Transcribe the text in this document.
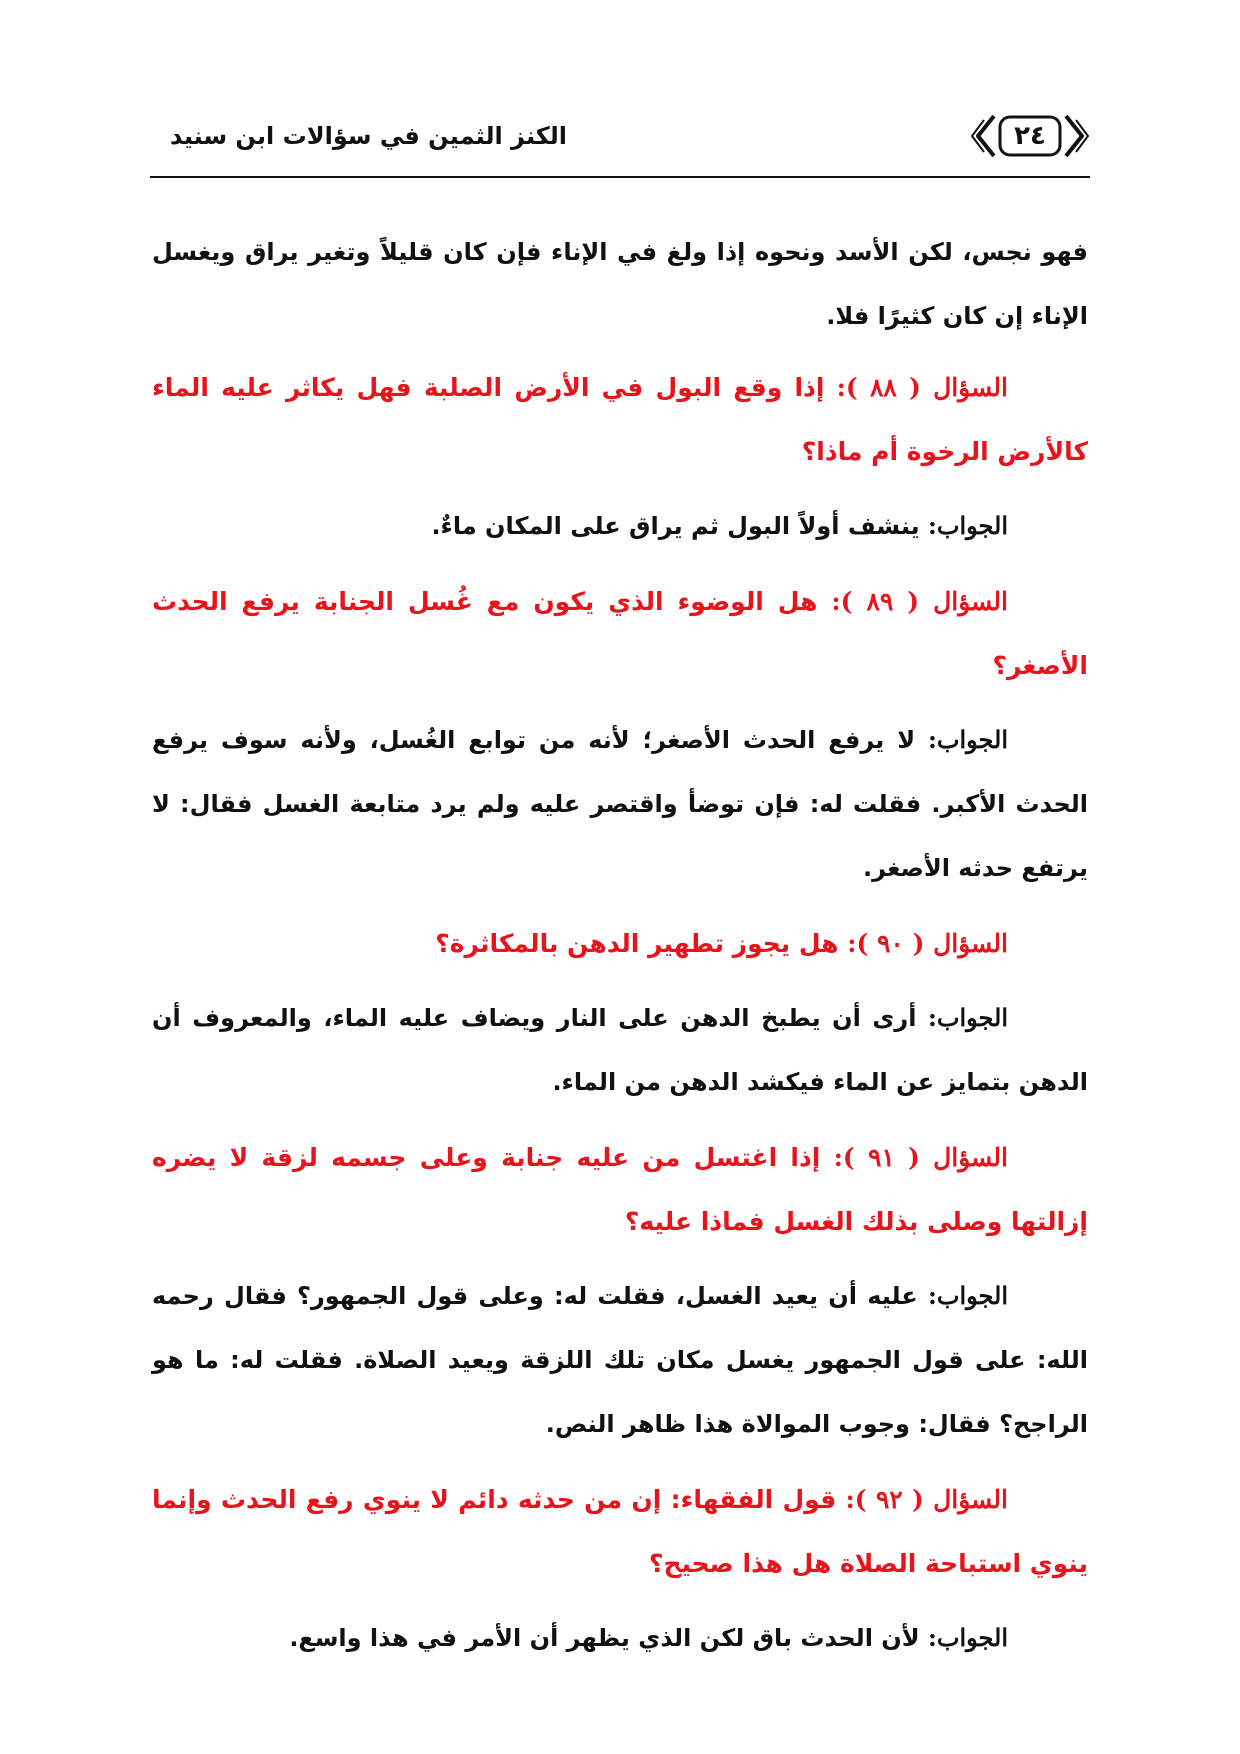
الكنز الثمين في سؤالات ابن سنيد	٢٤

فهو نجس، لكن الأسد ونحوه إذا ولغ في الإناء فإن كان قليلاً وتغير يراق ويغسل الإناء إن كان كثيرًا فلا.

السؤال ( ٨٨ ): إذا وقع البول في الأرض الصلبة فهل يكاثر عليه الماء كالأرض الرخوة أم ماذا؟

الجواب: ينشف أولاً البول ثم يراق على المكان ماءٌ.

السؤال ( ٨٩ ): هل الوضوء الذي يكون مع غُسل الجنابة يرفع الحدث الأصغر؟

الجواب: لا يرفع الحدث الأصغر؛ لأنه من توابع الغُسل، ولأنه سوف يرفع الحدث الأكبر. فقلت له: فإن توضأ واقتصر عليه ولم يرد متابعة الغسل فقال: لا يرتفع حدثه الأصغر.

السؤال ( ٩٠ ): هل يجوز تطهير الدهن بالمكاثرة؟

الجواب: أرى أن يطبخ الدهن على النار ويضاف عليه الماء، والمعروف أن الدهن بتمايز عن الماء فيكشد الدهن من الماء.

السؤال ( ٩١ ): إذا اغتسل من عليه جنابة وعلى جسمه لزقة لا يضره إزالتها وصلى بذلك الغسل فماذا عليه؟

الجواب: عليه أن يعيد الغسل، فقلت له: وعلى قول الجمهور؟ فقال رحمه الله: على قول الجمهور يغسل مكان تلك اللزقة ويعيد الصلاة. فقلت له: ما هو الراجح؟ فقال: وجوب الموالاة هذا ظاهر النص.

السؤال ( ٩٢ ): قول الفقهاء: إن من حدثه دائم لا ينوي رفع الحدث وإنما ينوي استباحة الصلاة هل هذا صحيح؟

الجواب: لأن الحدث باق لكن الذي يظهر أن الأمر في هذا واسع.
